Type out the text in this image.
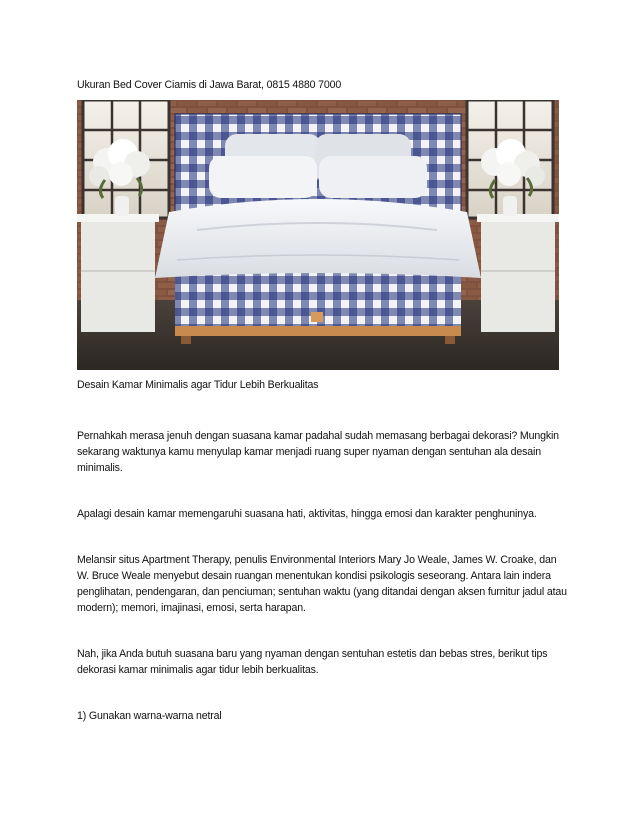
Ukuran Bed Cover Ciamis di Jawa Barat, 0815 4880 7000

Desain Kamar Minimalis agar Tidur Lebih Berkualitas

Pernahkah merasa jenuh dengan suasana kamar padahal sudah memasang berbagai dekorasi? Mungkin sekarang waktunya kamu menyulap kamar menjadi ruang super nyaman dengan sentuhan ala desain minimalis.

Apalagi desain kamar memengaruhi suasana hati, aktivitas, hingga emosi dan karakter penghuninya.

Melansir situs Apartment Therapy, penulis Environmental Interiors Mary Jo Weale, James W. Croake, dan W. Bruce Weale menyebut desain ruangan menentukan kondisi psikologis seseorang. Antara lain indera penglihatan, pendengaran, dan penciuman; sentuhan waktu (yang ditandai dengan aksen furnitur jadul atau modern); memori, imajinasi, emosi, serta harapan.

Nah, jika Anda butuh suasana baru yang nyaman dengan sentuhan estetis dan bebas stres, berikut tips dekorasi kamar minimalis agar tidur lebih berkualitas.

1) Gunakan warna-warna netral
